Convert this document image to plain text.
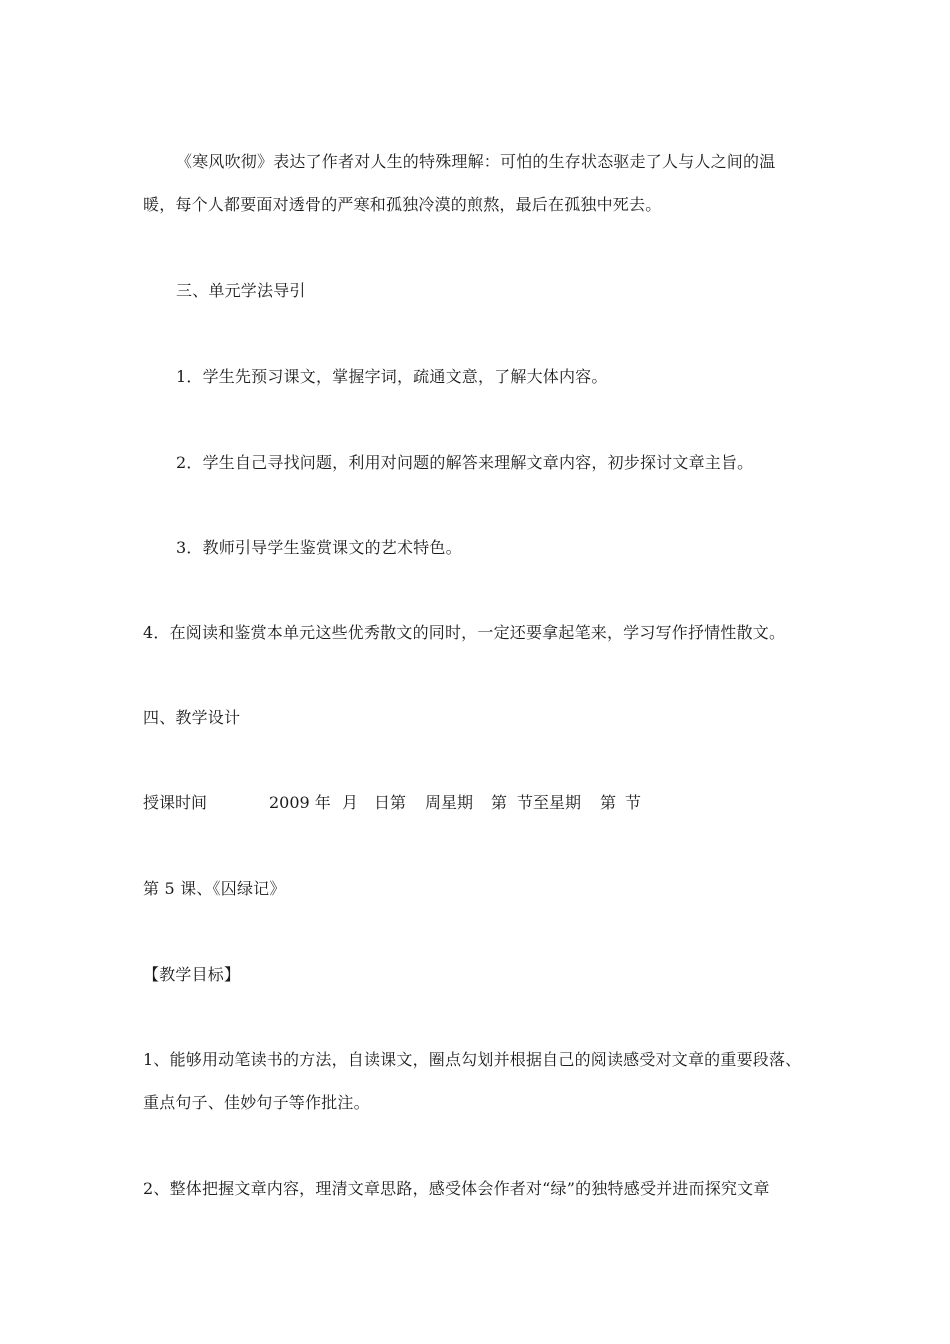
《寒风吹彻》表达了作者对人生的特殊理解：可怕的生存状态驱走了人与人之间的温
暖，每个人都要面对透骨的严寒和孤独冷漠的煎熬，最后在孤独中死去。
三、单元学法导引
1．学生先预习课文，掌握字词，疏通文意，了解大体内容。
2．学生自己寻找问题，利用对问题的解答来理解文章内容，初步探讨文章主旨。
3．教师引导学生鉴赏课文的艺术特色。
4．在阅读和鉴赏本单元这些优秀散文的同时，一定还要拿起笔来，学习写作抒情性散文。
四、教学设计
授课时间	2009 年 月 日第 周星期 第 节至星期 第 节
第 5 课、《囚绿记》
【教学目标】
1、能够用动笔读书的方法，自读课文，圈点勾划并根据自己的阅读感受对文章的重要段落、
重点句子、佳妙句子等作批注。
2、整体把握文章内容，理清文章思路，感受体会作者对“绿”的独特感受并进而探究文章
